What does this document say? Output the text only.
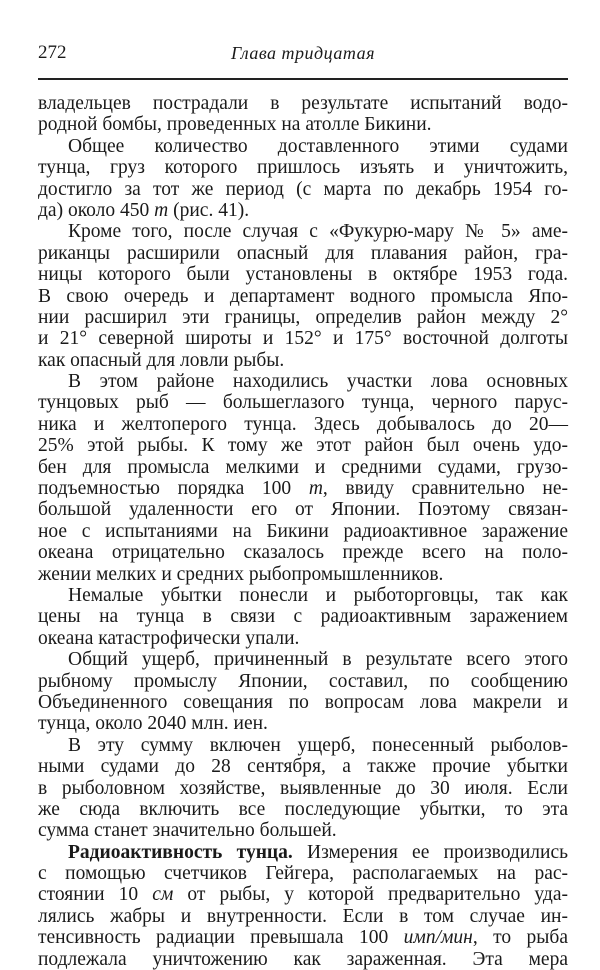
272	Глава тридцатая
владельцев пострадали в результате испытаний водо-
родной бомбы, проведенных на атолле Бикини.
Общее количество доставленного этими судами
тунца, груз которого пришлось изъять и уничтожить,
достигло за тот же период (с марта по декабрь 1954 го-
да) около 450 т (рис. 41).
Кроме того, после случая с «Фукурю-мару № 5» аме-
риканцы расширили опасный для плавания район, гра-
ницы которого были установлены в октябре 1953 года.
В свою очередь и департамент водного промысла Япо-
нии расширил эти границы, определив район между 2°
и 21° северной широты и 152° и 175° восточной долготы
как опасный для ловли рыбы.
В этом районе находились участки лова основных
тунцовых рыб — большеглазого тунца, черного парус-
ника и желтоперого тунца. Здесь добывалось до 20—
25% этой рыбы. К тому же этот район был очень удо-
бен для промысла мелкими и средними судами, грузо-
подъемностью порядка 100 т, ввиду сравнительно не-
большой удаленности его от Японии. Поэтому связан-
ное с испытаниями на Бикини радиоактивное заражение
океана отрицательно сказалось прежде всего на поло-
жении мелких и средних рыбопромышленников.
Немалые убытки понесли и рыботорговцы, так как
цены на тунца в связи с радиоактивным заражением
океана катастрофически упали.
Общий ущерб, причиненный в результате всего этого
рыбному промыслу Японии, составил, по сообщению
Объединенного совещания по вопросам лова макрели и
тунца, около 2040 млн. иен.
В эту сумму включен ущерб, понесенный рыболов-
ными судами до 28 сентября, а также прочие убытки
в рыболовном хозяйстве, выявленные до 30 июля. Если
же сюда включить все последующие убытки, то эта
сумма станет значительно большей.
Радиоактивность тунца. Измерения ее производились
с помощью счетчиков Гейгера, располагаемых на рас-
стоянии 10 см от рыбы, у которой предварительно уда-
лялись жабры и внутренности. Если в том случае ин-
тенсивность радиации превышала 100 имп/мин, то рыба
подлежала уничтожению как зараженная. Эта мера
